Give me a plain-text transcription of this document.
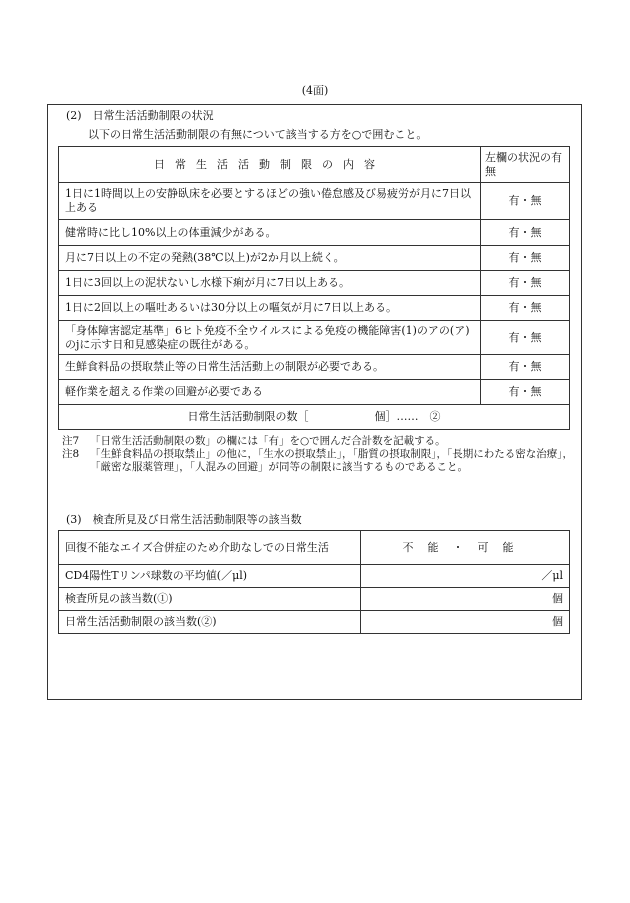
(4面)
(2)　日常生活活動制限の状況
以下の日常生活活動制限の有無について該当する方を○で囲むこと。
日常生活活動制限の内容	左欄の状況の有無
1日に1時間以上の安静臥床を必要とするほどの強い倦怠感及び易疲労が月に7日以上ある	有・無
健常時に比し10%以上の体重減少がある。	有・無
月に7日以上の不定の発熱(38℃以上)が2か月以上続く。	有・無
1日に3回以上の泥状ないし水様下痢が月に7日以上ある。	有・無
1日に2回以上の嘔吐あるいは30分以上の嘔気が月に7日以上ある。	有・無
「身体障害認定基準」6ヒト免疫不全ウイルスによる免疫の機能障害(1)のアの(ア)のjに示す日和見感染症の既往がある。	有・無
生鮮食料品の摂取禁止等の日常生活活動上の制限が必要である。	有・無
軽作業を超える作業の回避が必要である	有・無
日常生活活動制限の数［　　　　　　個］……　②	
注7	「日常生活活動制限の数」の欄には「有」を○で囲んだ合計数を記載する。
注8	「生鮮食料品の摂取禁止」の他に，「生水の摂取禁止」，「脂質の摂取制限」，「長期にわたる密な治療」，「厳密な服薬管理」，「人混みの回避」が同等の制限に該当するものであること。
(3)　検査所見及び日常生活活動制限等の該当数
回復不能なエイズ合併症のため介助なしでの日常生活	不能・可能
CD4陽性Tリンパ球数の平均値(／μl)	／μl
検査所見の該当数(①)	個
日常生活活動制限の該当数(②)	個
